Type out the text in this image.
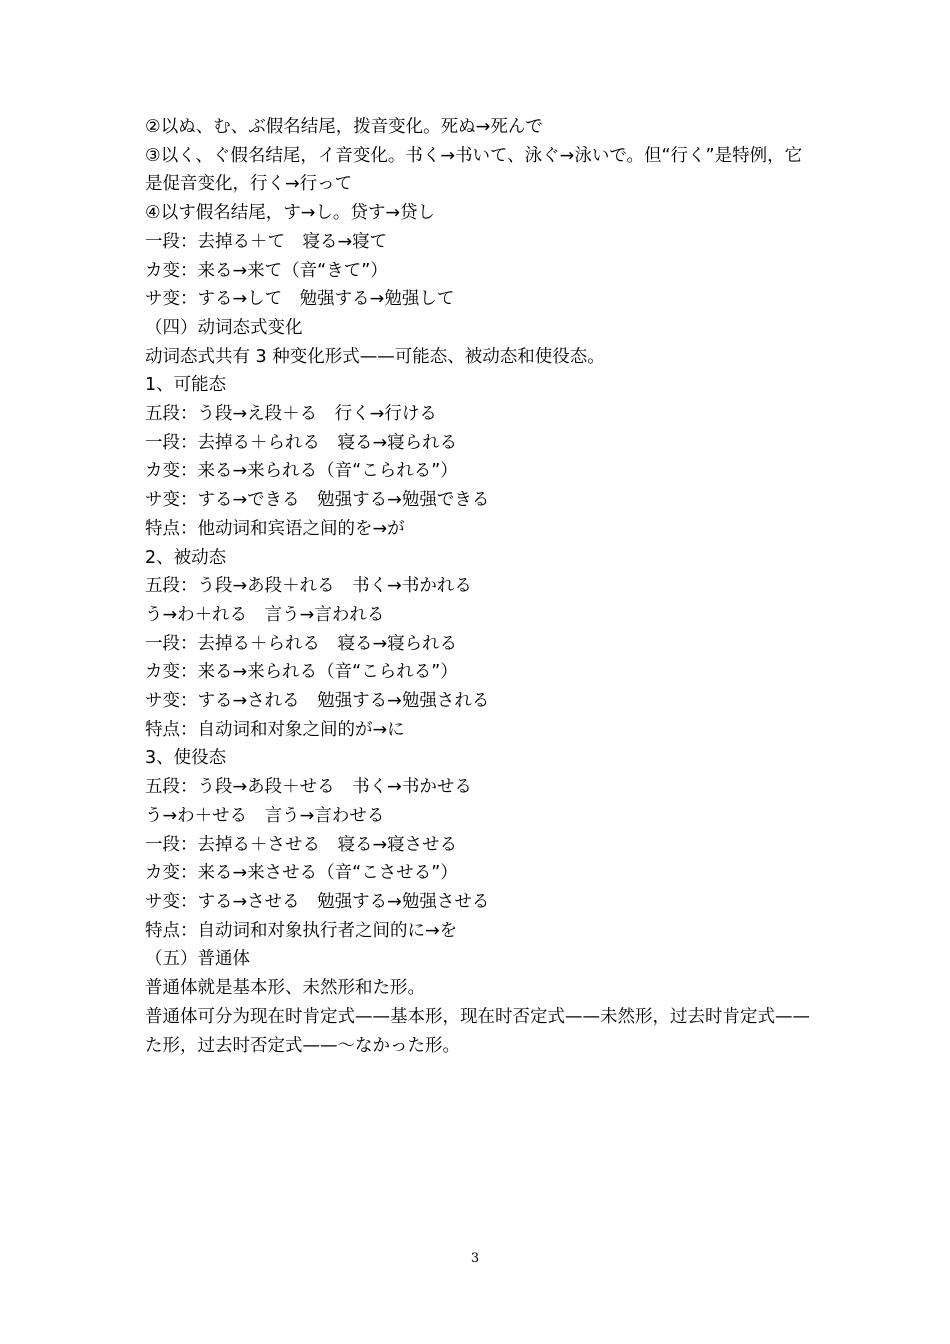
②以ぬ、む、ぶ假名结尾，拨音变化。死ぬ→死んで
③以く、ぐ假名结尾，イ音变化。书く→书いて、泳ぐ→泳いで。但“行く”是特例，它是促音变化，行く→行って
④以す假名结尾，す→し。贷す→贷し
一段：去掉る＋て　寝る→寝て
カ变：来る→来て（音“きて”）
サ变：する→して　勉强する→勉强して
（四）动词态式变化
动词态式共有 3 种变化形式——可能态、被动态和使役态。
1、可能态
五段：う段→え段＋る　行く→行ける
一段：去掉る＋られる　寝る→寝られる
カ变：来る→来られる（音“こられる”）
サ变：する→できる　勉强する→勉强できる
特点：他动词和宾语之间的を→が
2、被动态
五段：う段→あ段＋れる　书く→书かれる
う→わ＋れる　言う→言われる
一段：去掉る＋られる　寝る→寝られる
カ变：来る→来られる（音“こられる”）
サ变：する→される　勉强する→勉强される
特点：自动词和对象之间的が→に
3、使役态
五段：う段→あ段＋せる　书く→书かせる
う→わ＋せる　言う→言わせる
一段：去掉る＋させる　寝る→寝させる
カ变：来る→来させる（音“こさせる”）
サ变：する→させる　勉强する→勉强させる
特点：自动词和对象执行者之间的に→を
（五）普通体
普通体就是基本形、未然形和た形。
普通体可分为现在时肯定式——基本形，现在时否定式——未然形，过去时肯定式——た形，过去时否定式——～なかった形。
3
